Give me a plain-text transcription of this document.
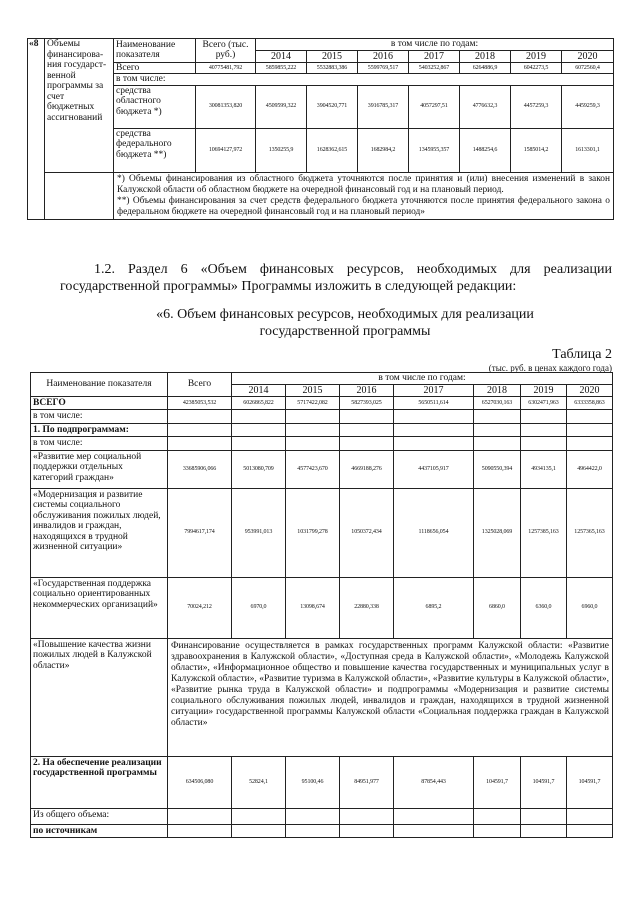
«8	Объемы финансирова-ния государст-венной программы за счет бюджетных ассигнований	Наименование показателя	Всего (тыс. руб.)	в том числе по годам:						
				2014	2015	2016	2017	2018	2019	2020
		Всего	40775481,792	5859855,222	5532883,386	5599769,517	5403252,867	6264886,9	6042273,5	6072560,4
		в том числе:								
		средства областного бюджета *)	30081353,820	4509599,322	3904520,771	3916785,317	4057297,51	4776632,3	4457259,3	4459259,3
		средства федерального бюджета **)	10694127,972	1350255,9	1628362,615	1682984,2	1345955,357	1488254,6	1585014,2	1613301,1

		*) Объемы финансирования из областного бюджета уточняются после принятия и (или) внесения изменений в закон Калужской области об областном бюджете на очередной финансовый год и на плановый период.
**) Объемы финансирования за счет средств федерального бюджета уточняются после принятия федерального закона о федеральном бюджете на очередной финансовый год и на плановый период»								
1.2. Раздел 6 «Объем финансовых ресурсов, необходимых для реализации государственной программы» Программы изложить в следующей редакции:
«6. Объем финансовых ресурсов, необходимых для реализации государственной программы
Таблица 2
(тыс. руб. в ценах каждого года)
Наименование показателя	Всего	в том числе по годам:						
		2014	2015	2016	2017	2018	2019	2020
ВСЕГО	42385053,532	6026865,822	5717422,082	5827393,025	5650511,614	6527030,163	6302471,963	6333358,863
в том числе:								
1. По подпрограммам:								
в том числе:								
«Развитие мер социальной поддержки отдельных категорий граждан»	33685906,066	5013080,709	4577423,670	4669188,276	4437105,917	5090550,394	4934135,1	4964422,0
«Модернизация и развитие системы социального обслуживания пожилых людей, инвалидов и граждан, находящихся в трудной жизненной ситуации»	7994617,174	953991,013	1031799,278	1050372,434	1118656,054	1325028,069	1257385,163	1257365,163
«Государственная поддержка социально ориентированных некоммерческих организаций»	70024,212	6970,0	13098,674	22880,338	6895,2	6860,0	6360,0	6960,0
«Повышение качества жизни пожилых людей в Калужской области»	Финансирование осуществляется в рамках государственных программ Калужской области: «Развитие здравоохранения в Калужской области», «Доступная среда в Калужской области», «Молодежь Калужской области», «Информационное общество и повышение качества государственных и муниципальных услуг в Калужской области», «Развитие туризма в Калужской области», «Развитие культуры в Калужской области», «Развитие рынка труда в Калужской области» и подпрограммы «Модернизация и развитие системы социального обслуживания пожилых людей, инвалидов и граждан, находящихся в трудной жизненной ситуации» государственной программы Калужской области «Социальная поддержка граждан в Калужской области»							
2. На обеспечение реализации государственной программы	634506,080	52824,1	95100,46	84951,977	87854,443	104591,7	104591,7	104591,7
Из общего объема:								
по источникам								
